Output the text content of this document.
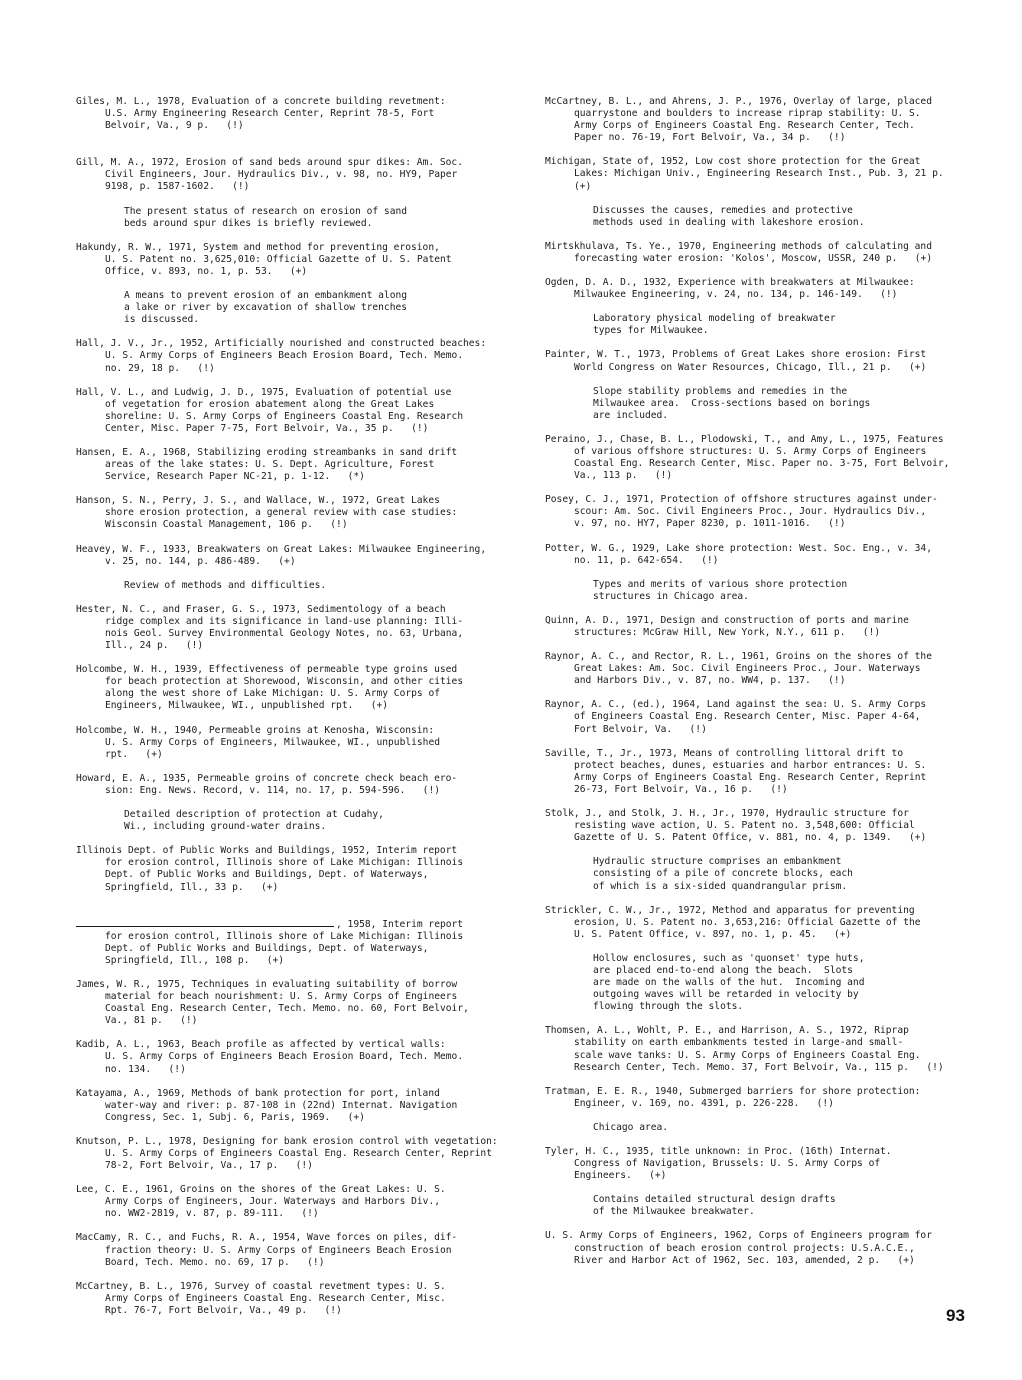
Giles, M. L., 1978, Evaluation of a concrete building revetment:
U.S. Army Engineering Research Center, Reprint 78-5, Fort
Belvoir, Va., 9 p.   (!)

Gill, M. A., 1972, Erosion of sand beds around spur dikes: Am. Soc.
Civil Engineers, Jour. Hydraulics Div., v. 98, no. HY9, Paper
9198, p. 1587-1602.   (!)

The present status of research on erosion of sand
beds around spur dikes is briefly reviewed.

Hakundy, R. W., 1971, System and method for preventing erosion,
U. S. Patent no. 3,625,010: Official Gazette of U. S. Patent
Office, v. 893, no. 1, p. 53.   (+)

A means to prevent erosion of an embankment along
a lake or river by excavation of shallow trenches
is discussed.

Hall, J. V., Jr., 1952, Artificially nourished and constructed beaches:
U. S. Army Corps of Engineers Beach Erosion Board, Tech. Memo.
no. 29, 18 p.   (!)

Hall, V. L., and Ludwig, J. D., 1975, Evaluation of potential use
of vegetation for erosion abatement along the Great Lakes
shoreline: U. S. Army Corps of Engineers Coastal Eng. Research
Center, Misc. Paper 7-75, Fort Belvoir, Va., 35 p.   (!)

Hansen, E. A., 1968, Stabilizing eroding streambanks in sand drift
areas of the lake states: U. S. Dept. Agriculture, Forest
Service, Research Paper NC-21, p. 1-12.   (*)

Hanson, S. N., Perry, J. S., and Wallace, W., 1972, Great Lakes
shore erosion protection, a general review with case studies:
Wisconsin Coastal Management, 106 p.   (!)

Heavey, W. F., 1933, Breakwaters on Great Lakes: Milwaukee Engineering,
v. 25, no. 144, p. 486-489.   (+)

Review of methods and difficulties.

Hester, N. C., and Fraser, G. S., 1973, Sedimentology of a beach
ridge complex and its significance in land-use planning: Illi-
nois Geol. Survey Environmental Geology Notes, no. 63, Urbana,
Ill., 24 p.   (!)

Holcombe, W. H., 1939, Effectiveness of permeable type groins used
for beach protection at Shorewood, Wisconsin, and other cities
along the west shore of Lake Michigan: U. S. Army Corps of
Engineers, Milwaukee, WI., unpublished rpt.   (+)

Holcombe, W. H., 1940, Permeable groins at Kenosha, Wisconsin:
U. S. Army Corps of Engineers, Milwaukee, WI., unpublished
rpt.   (+)

Howard, E. A., 1935, Permeable groins of concrete check beach ero-
sion: Eng. News. Record, v. 114, no. 17, p. 594-596.   (!)

Detailed description of protection at Cudahy,
Wi., including ground-water drains.

Illinois Dept. of Public Works and Buildings, 1952, Interim report
for erosion control, Illinois shore of Lake Michigan: Illinois
Dept. of Public Works and Buildings, Dept. of Waterways,
Springfield, Ill., 33 p.   (+)

, 1958, Interim report
for erosion control, Illinois shore of Lake Michigan: Illinois
Dept. of Public Works and Buildings, Dept. of Waterways,
Springfield, Ill., 108 p.   (+)

James, W. R., 1975, Techniques in evaluating suitability of borrow
material for beach nourishment: U. S. Army Corps of Engineers
Coastal Eng. Research Center, Tech. Memo. no. 60, Fort Belvoir,
Va., 81 p.   (!)

Kadib, A. L., 1963, Beach profile as affected by vertical walls:
U. S. Army Corps of Engineers Beach Erosion Board, Tech. Memo.
no. 134.   (!)

Katayama, A., 1969, Methods of bank protection for port, inland
water-way and river: p. 87-108 in (22nd) Internat. Navigation
Congress, Sec. 1, Subj. 6, Paris, 1969.   (+)

Knutson, P. L., 1978, Designing for bank erosion control with vegetation:
U. S. Army Corps of Engineers Coastal Eng. Research Center, Reprint
78-2, Fort Belvoir, Va., 17 p.   (!)

Lee, C. E., 1961, Groins on the shores of the Great Lakes: U. S.
Army Corps of Engineers, Jour. Waterways and Harbors Div.,
no. WW2-2819, v. 87, p. 89-111.   (!)

MacCamy, R. C., and Fuchs, R. A., 1954, Wave forces on piles, dif-
fraction theory: U. S. Army Corps of Engineers Beach Erosion
Board, Tech. Memo. no. 69, 17 p.   (!)

McCartney, B. L., 1976, Survey of coastal revetment types: U. S.
Army Corps of Engineers Coastal Eng. Research Center, Misc.
Rpt. 76-7, Fort Belvoir, Va., 49 p.   (!)

McCartney, B. L., and Ahrens, J. P., 1976, Overlay of large, placed
quarrystone and boulders to increase riprap stability: U. S.
Army Corps of Engineers Coastal Eng. Research Center, Tech.
Paper no. 76-19, Fort Belvoir, Va., 34 p.   (!)

Michigan, State of, 1952, Low cost shore protection for the Great
Lakes: Michigan Univ., Engineering Research Inst., Pub. 3, 21 p.
(+)

Discusses the causes, remedies and protective
methods used in dealing with lakeshore erosion.

Mirtskhulava, Ts. Ye., 1970, Engineering methods of calculating and
forecasting water erosion: 'Kolos', Moscow, USSR, 240 p.   (+)

Ogden, D. A. D., 1932, Experience with breakwaters at Milwaukee:
Milwaukee Engineering, v. 24, no. 134, p. 146-149.   (!)

Laboratory physical modeling of breakwater
types for Milwaukee.

Painter, W. T., 1973, Problems of Great Lakes shore erosion: First
World Congress on Water Resources, Chicago, Ill., 21 p.   (+)

Slope stability problems and remedies in the
Milwaukee area.  Cross-sections based on borings
are included.

Peraino, J., Chase, B. L., Plodowski, T., and Amy, L., 1975, Features
of various offshore structures: U. S. Army Corps of Engineers
Coastal Eng. Research Center, Misc. Paper no. 3-75, Fort Belvoir,
Va., 113 p.   (!)

Posey, C. J., 1971, Protection of offshore structures against under-
scour: Am. Soc. Civil Engineers Proc., Jour. Hydraulics Div.,
v. 97, no. HY7, Paper 8230, p. 1011-1016.   (!)

Potter, W. G., 1929, Lake shore protection: West. Soc. Eng., v. 34,
no. 11, p. 642-654.   (!)

Types and merits of various shore protection
structures in Chicago area.

Quinn, A. D., 1971, Design and construction of ports and marine
structures: McGraw Hill, New York, N.Y., 611 p.   (!)

Raynor, A. C., and Rector, R. L., 1961, Groins on the shores of the
Great Lakes: Am. Soc. Civil Engineers Proc., Jour. Waterways
and Harbors Div., v. 87, no. WW4, p. 137.   (!)

Raynor, A. C., (ed.), 1964, Land against the sea: U. S. Army Corps
of Engineers Coastal Eng. Research Center, Misc. Paper 4-64,
Fort Belvoir, Va.   (!)

Saville, T., Jr., 1973, Means of controlling littoral drift to
protect beaches, dunes, estuaries and harbor entrances: U. S.
Army Corps of Engineers Coastal Eng. Research Center, Reprint
26-73, Fort Belvoir, Va., 16 p.   (!)

Stolk, J., and Stolk, J. H., Jr., 1970, Hydraulic structure for
resisting wave action, U. S. Patent no. 3,548,600: Official
Gazette of U. S. Patent Office, v. 881, no. 4, p. 1349.   (+)

Hydraulic structure comprises an embankment
consisting of a pile of concrete blocks, each
of which is a six-sided quandrangular prism.

Strickler, C. W., Jr., 1972, Method and apparatus for preventing
erosion, U. S. Patent no. 3,653,216: Official Gazette of the
U. S. Patent Office, v. 897, no. 1, p. 45.   (+)

Hollow enclosures, such as 'quonset' type huts,
are placed end-to-end along the beach.  Slots
are made on the walls of the hut.  Incoming and
outgoing waves will be retarded in velocity by
flowing through the slots.

Thomsen, A. L., Wohlt, P. E., and Harrison, A. S., 1972, Riprap
stability on earth embankments tested in large-and small-
scale wave tanks: U. S. Army Corps of Engineers Coastal Eng.
Research Center, Tech. Memo. 37, Fort Belvoir, Va., 115 p.   (!)

Tratman, E. E. R., 1940, Submerged barriers for shore protection:
Engineer, v. 169, no. 4391, p. 226-228.   (!)

Chicago area.

Tyler, H. C., 1935, title unknown: in Proc. (16th) Internat.
Congress of Navigation, Brussels: U. S. Army Corps of
Engineers.   (+)

Contains detailed structural design drafts
of the Milwaukee breakwater.

U. S. Army Corps of Engineers, 1962, Corps of Engineers program for
construction of beach erosion control projects: U.S.A.C.E.,
River and Harbor Act of 1962, Sec. 103, amended, 2 p.   (+)

93
